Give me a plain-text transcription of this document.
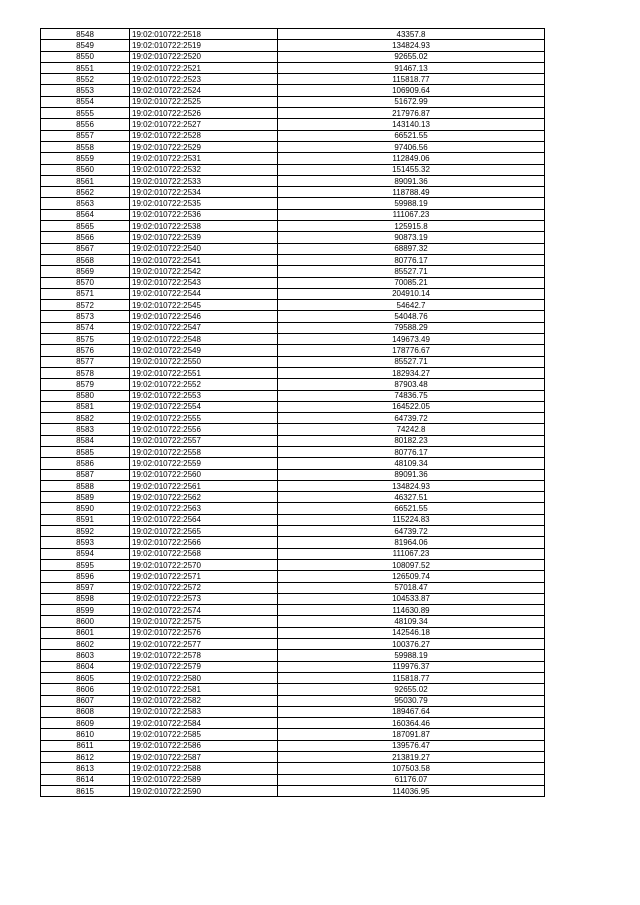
8548	19:02:010722:2518	43357.8
8549	19:02:010722:2519	134824.93
8550	19:02:010722:2520	92655.02
8551	19:02:010722:2521	91467.13
8552	19:02:010722:2523	115818.77
8553	19:02:010722:2524	106909.64
8554	19:02:010722:2525	51672.99
8555	19:02:010722:2526	217976.87
8556	19:02:010722:2527	143140.13
8557	19:02:010722:2528	66521.55
8558	19:02:010722:2529	97406.56
8559	19:02:010722:2531	112849.06
8560	19:02:010722:2532	151455.32
8561	19:02:010722:2533	89091.36
8562	19:02:010722:2534	118788.49
8563	19:02:010722:2535	59988.19
8564	19:02:010722:2536	111067.23
8565	19:02:010722:2538	125915.8
8566	19:02:010722:2539	90873.19
8567	19:02:010722:2540	68897.32
8568	19:02:010722:2541	80776.17
8569	19:02:010722:2542	85527.71
8570	19:02:010722:2543	70085.21
8571	19:02:010722:2544	204910.14
8572	19:02:010722:2545	54642.7
8573	19:02:010722:2546	54048.76
8574	19:02:010722:2547	79588.29
8575	19:02:010722:2548	149673.49
8576	19:02:010722:2549	178776.67
8577	19:02:010722:2550	85527.71
8578	19:02:010722:2551	182934.27
8579	19:02:010722:2552	87903.48
8580	19:02:010722:2553	74836.75
8581	19:02:010722:2554	164522.05
8582	19:02:010722:2555	64739.72
8583	19:02:010722:2556	74242.8
8584	19:02:010722:2557	80182.23
8585	19:02:010722:2558	80776.17
8586	19:02:010722:2559	48109.34
8587	19:02:010722:2560	89091.36
8588	19:02:010722:2561	134824.93
8589	19:02:010722:2562	46327.51
8590	19:02:010722:2563	66521.55
8591	19:02:010722:2564	115224.83
8592	19:02:010722:2565	64739.72
8593	19:02:010722:2566	81964.06
8594	19:02:010722:2568	111067.23
8595	19:02:010722:2570	108097.52
8596	19:02:010722:2571	126509.74
8597	19:02:010722:2572	57018.47
8598	19:02:010722:2573	104533.87
8599	19:02:010722:2574	114630.89
8600	19:02:010722:2575	48109.34
8601	19:02:010722:2576	142546.18
8602	19:02:010722:2577	100376.27
8603	19:02:010722:2578	59988.19
8604	19:02:010722:2579	119976.37
8605	19:02:010722:2580	115818.77
8606	19:02:010722:2581	92655.02
8607	19:02:010722:2582	95030.79
8608	19:02:010722:2583	189467.64
8609	19:02:010722:2584	160364.46
8610	19:02:010722:2585	187091.87
8611	19:02:010722:2586	139576.47
8612	19:02:010722:2587	213819.27
8613	19:02:010722:2588	107503.58
8614	19:02:010722:2589	61176.07
8615	19:02:010722:2590	114036.95
